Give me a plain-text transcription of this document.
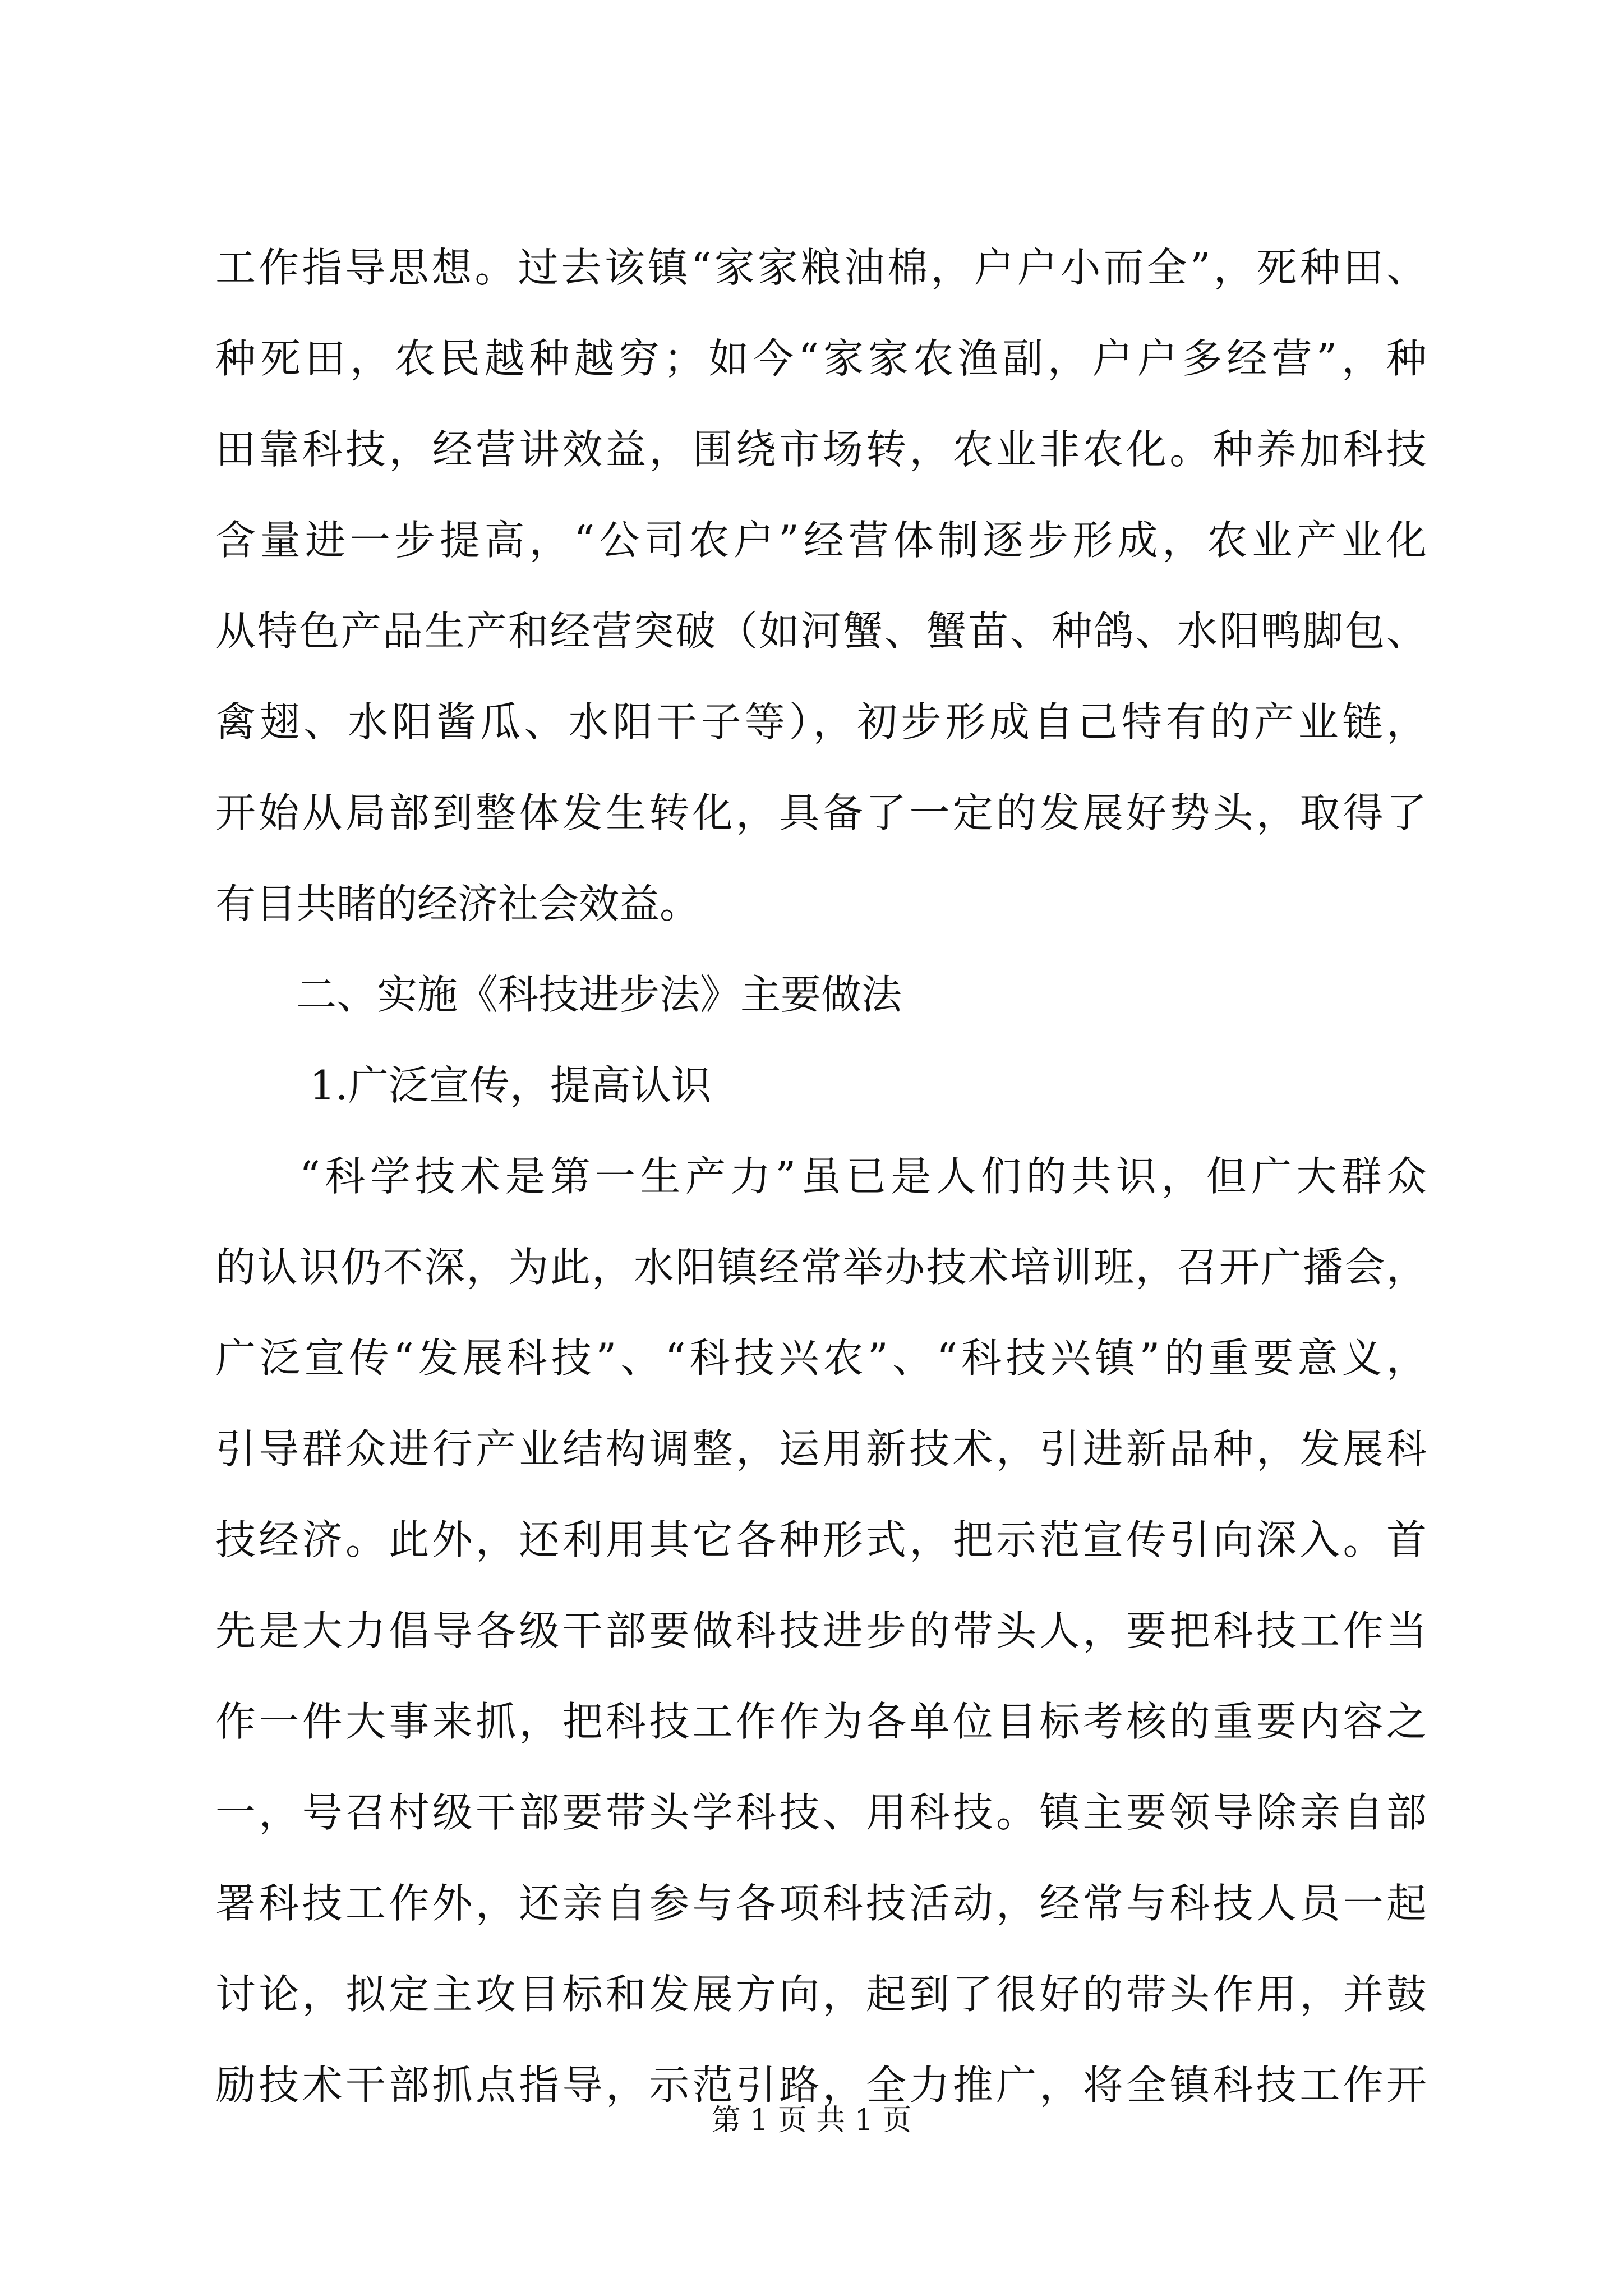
工作指导思想。过去该镇“家家粮油棉，户户小而全”，死种田、
种死田，农民越种越穷；如今“家家农渔副，户户多经营”，种
田靠科技，经营讲效益，围绕市场转，农业非农化。种养加科技
含量进一步提高，“公司农户”经营体制逐步形成，农业产业化
从特色产品生产和经营突破（如河蟹、蟹苗、种鸽、水阳鸭脚包、
禽翅、水阳酱瓜、水阳干子等），初步形成自己特有的产业链，
开始从局部到整体发生转化，具备了一定的发展好势头，取得了
有目共睹的经济社会效益。
二、实施《科技进步法》主要做法
1.广泛宣传，提高认识
“科学技术是第一生产力”虽已是人们的共识，但广大群众
的认识仍不深，为此，水阳镇经常举办技术培训班，召开广播会，
广泛宣传“发展科技”、“科技兴农”、“科技兴镇”的重要意义，
引导群众进行产业结构调整，运用新技术，引进新品种，发展科
技经济。此外，还利用其它各种形式，把示范宣传引向深入。首
先是大力倡导各级干部要做科技进步的带头人，要把科技工作当
作一件大事来抓，把科技工作作为各单位目标考核的重要内容之
一，号召村级干部要带头学科技、用科技。镇主要领导除亲自部
署科技工作外，还亲自参与各项科技活动，经常与科技人员一起
讨论，拟定主攻目标和发展方向，起到了很好的带头作用，并鼓
励技术干部抓点指导，示范引路，全力推广，将全镇科技工作开
第 1 页 共 1 页
